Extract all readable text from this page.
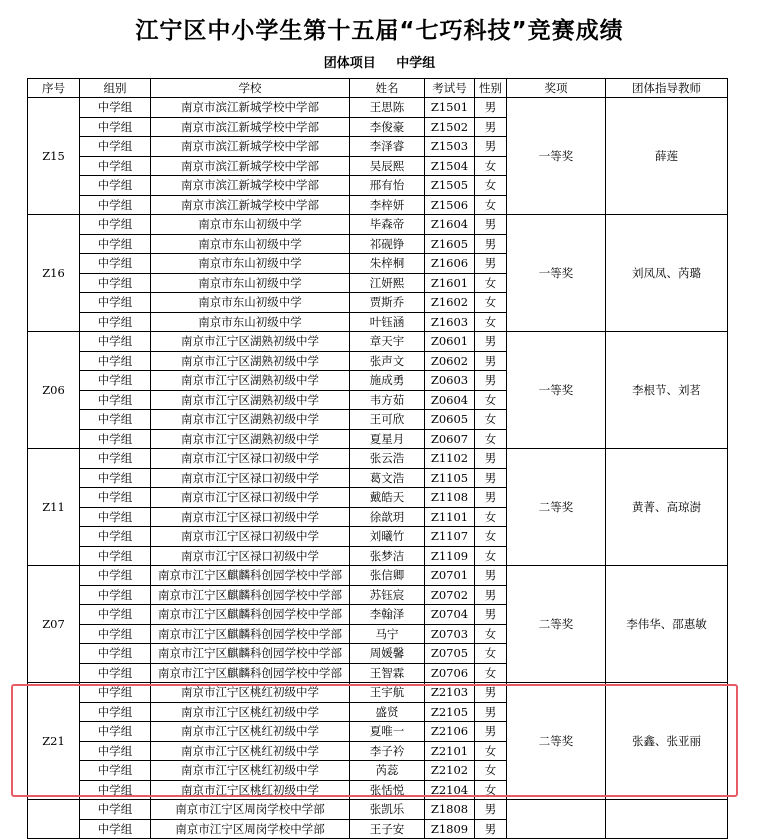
江宁区中小学生第十五届“七巧科技”竞赛成绩
团体项目 中学组
序号	组别	学校	姓名	考试号	性别	奖项	团体指导教师
Z15	中学组	南京市滨江新城学校中学部	王思陈	Z1501	男	一等奖	薛莲
	中学组	南京市滨江新城学校中学部	李俊豪	Z1502	男		
	中学组	南京市滨江新城学校中学部	李泽睿	Z1503	男		
	中学组	南京市滨江新城学校中学部	吴辰熙	Z1504	女		
	中学组	南京市滨江新城学校中学部	邢有怡	Z1505	女		
	中学组	南京市滨江新城学校中学部	李梓妍	Z1506	女		
Z16	中学组	南京市东山初级中学	毕森帝	Z1604	男	一等奖	刘凤凤、芮璐
	中学组	南京市东山初级中学	祁砚铮	Z1605	男		
	中学组	南京市东山初级中学	朱梓桐	Z1606	男		
	中学组	南京市东山初级中学	江妍熙	Z1601	女		
	中学组	南京市东山初级中学	贾斯乔	Z1602	女		
	中学组	南京市东山初级中学	叶钰涵	Z1603	女		
Z06	中学组	南京市江宁区湖熟初级中学	章天宇	Z0601	男	一等奖	李根节、刘茗
	中学组	南京市江宁区湖熟初级中学	张声文	Z0602	男		
	中学组	南京市江宁区湖熟初级中学	施成勇	Z0603	男		
	中学组	南京市江宁区湖熟初级中学	韦方茹	Z0604	女		
	中学组	南京市江宁区湖熟初级中学	王可欣	Z0605	女		
	中学组	南京市江宁区湖熟初级中学	夏星月	Z0607	女		
Z11	中学组	南京市江宁区禄口初级中学	张云浩	Z1102	男	二等奖	黄菁、高琼澍
	中学组	南京市江宁区禄口初级中学	葛文浩	Z1105	男		
	中学组	南京市江宁区禄口初级中学	戴皓天	Z1108	男		
	中学组	南京市江宁区禄口初级中学	徐歆玥	Z1101	女		
	中学组	南京市江宁区禄口初级中学	刘曦竹	Z1107	女		
	中学组	南京市江宁区禄口初级中学	张梦洁	Z1109	女		
Z07	中学组	南京市江宁区麒麟科创园学校中学部	张信卿	Z0701	男	二等奖	李伟华、邵惠敏
	中学组	南京市江宁区麒麟科创园学校中学部	苏钰宸	Z0702	男		
	中学组	南京市江宁区麒麟科创园学校中学部	李翰泽	Z0704	男		
	中学组	南京市江宁区麒麟科创园学校中学部	马宁	Z0703	女		
	中学组	南京市江宁区麒麟科创园学校中学部	周媛馨	Z0705	女		
	中学组	南京市江宁区麒麟科创园学校中学部	王智霖	Z0706	女		
Z21	中学组	南京市江宁区桃红初级中学	王宇航	Z2103	男	二等奖	张鑫、张亚丽
	中学组	南京市江宁区桃红初级中学	盛贤	Z2105	男		
	中学组	南京市江宁区桃红初级中学	夏唯一	Z2106	男		
	中学组	南京市江宁区桃红初级中学	李子衿	Z2101	女		
	中学组	南京市江宁区桃红初级中学	芮蕊	Z2102	女		
	中学组	南京市江宁区桃红初级中学	张恬悦	Z2104	女		
	中学组	南京市江宁区周岗学校中学部	张凯乐	Z1808	男		
	中学组	南京市江宁区周岗学校中学部	王子安	Z1809	男		
